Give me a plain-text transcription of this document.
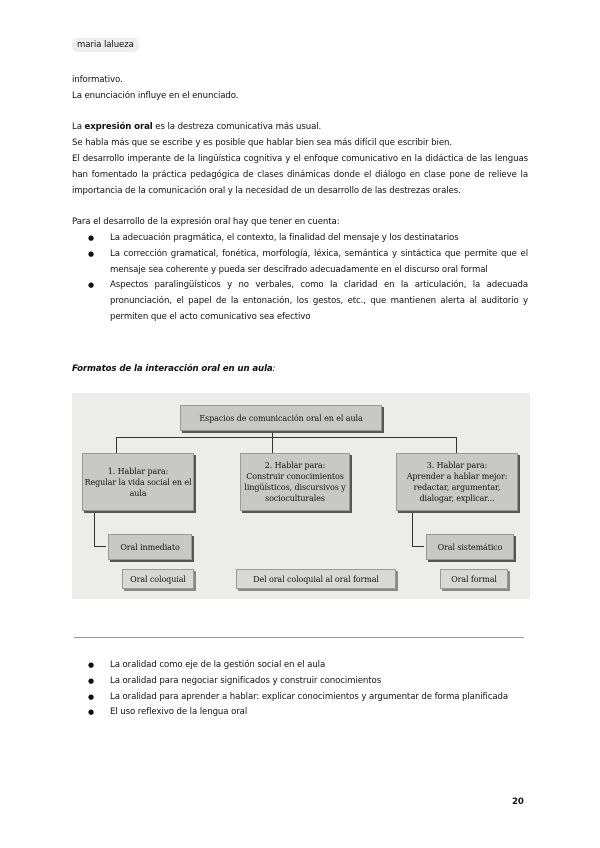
maria lalueza

informativo.

La enunciación influye en el enunciado.

La expresión oral es la destreza comunicativa más usual.

Se habla más que se escribe y es posible que hablar bien sea más difícil que escribir bien.

El desarrollo imperante de la lingüística cognitiva y el enfoque comunicativo en la didáctica de las lenguas han fomentado la práctica pedagógica de clases dinámicas donde el diálogo en clase pone de relieve la importancia de la comunicación oral y la necesidad de un desarrollo de las destrezas orales.

Para el desarrollo de la expresión oral hay que tener en cuenta:

● La adecuación pragmática, el contexto, la finalidad del mensaje y los destinatarios
● La corrección gramatical, fonética, morfología, léxica, semántica y sintáctica que permite que el mensaje sea coherente y pueda ser descifrado adecuadamente en el discurso oral formal
● Aspectos paralingüísticos y no verbales, como la claridad en la articulación, la adecuada pronunciación, el papel de la entonación, los gestos, etc., que mantienen alerta al auditorio y permiten que el acto comunicativo sea efectivo
Formatos de la interacción oral en un aula:
Espacios de comunicación oral en el aula
1. Hablar para:
Regular la vida social en el aula
2. Hablar para:
Construir conocimientos lingüísticos, discursivos y socioculturales
3. Hablar para:
Aprender a hablar mejor: redactar, argumentar, dialogar, explicar...
Oral inmediato	Oral sistemático
Oral coloquial	Del oral coloquial al oral formal	Oral formal
● La oralidad como eje de la gestión social en el aula
● La oralidad para negociar significados y construir conocimientos
● La oralidad para aprender a hablar: explicar conocimientos y argumentar de forma planificada
● El uso reflexivo de la lengua oral
20
